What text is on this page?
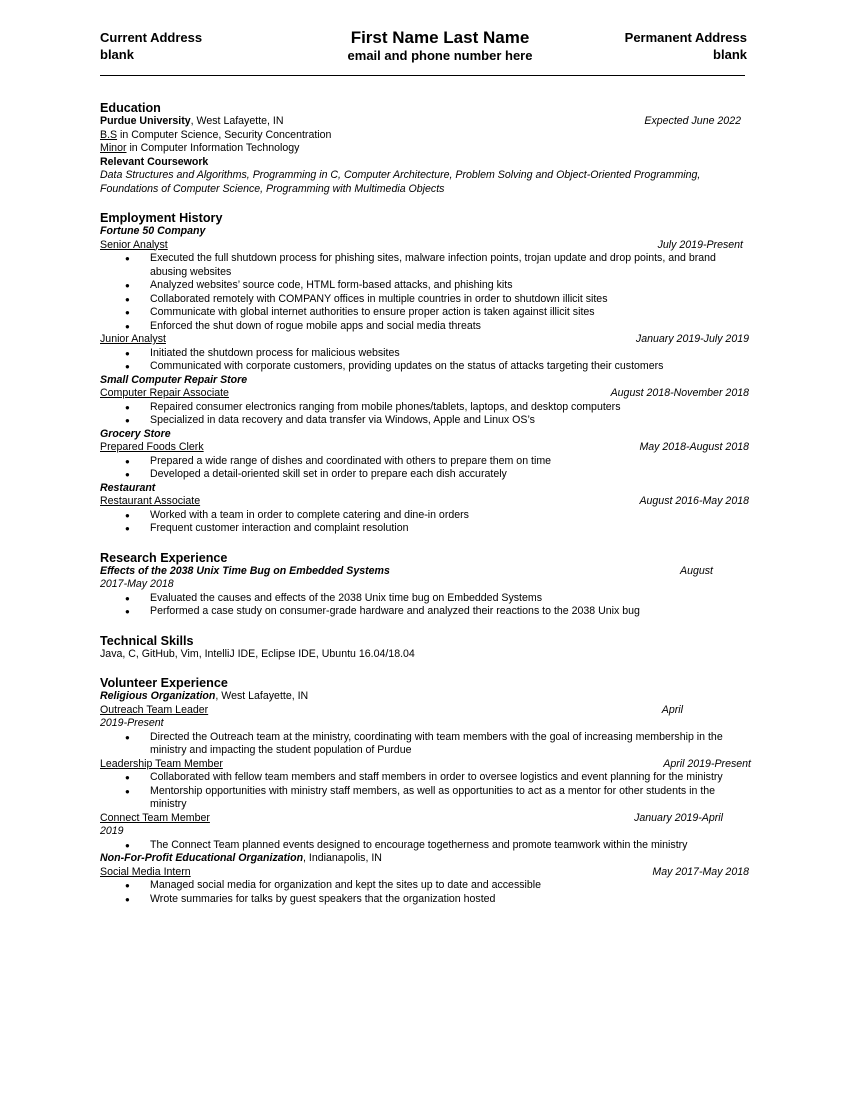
Current Address
blank
First Name Last Name
email and phone number here
Permanent Address
blank
Education
Purdue University, West Lafayette, IN	Expected June 2022
B.S in Computer Science, Security Concentration
Minor in Computer Information Technology
Relevant Coursework
Data Structures and Algorithms, Programming in C, Computer Architecture, Problem Solving and Object-Oriented Programming,
Foundations of Computer Science, Programming with Multimedia Objects
Employment History
Fortune 50 Company
Senior Analyst	July 2019-Present
● Executed the full shutdown process for phishing sites, malware infection points, trojan update and drop points, and brand abusing websites
● Analyzed websites’ source code, HTML form-based attacks, and phishing kits
● Collaborated remotely with COMPANY offices in multiple countries in order to shutdown illicit sites
● Communicate with global internet authorities to ensure proper action is taken against illicit sites
● Enforced the shut down of rogue mobile apps and social media threats
Junior Analyst	January 2019-July 2019
● Initiated the shutdown process for malicious websites
● Communicated with corporate customers, providing updates on the status of attacks targeting their customers
Small Computer Repair Store
Computer Repair Associate	August 2018-November 2018
● Repaired consumer electronics ranging from mobile phones/tablets, laptops, and desktop computers
● Specialized in data recovery and data transfer via Windows, Apple and Linux OS’s
Grocery Store
Prepared Foods Clerk	May 2018-August 2018
● Prepared a wide range of dishes and coordinated with others to prepare them on time
● Developed a detail-oriented skill set in order to prepare each dish accurately
Restaurant
Restaurant Associate	August 2016-May 2018
● Worked with a team in order to complete catering and dine-in orders
● Frequent customer interaction and complaint resolution
Research Experience
Effects of the 2038 Unix Time Bug on Embedded Systems	August
2017-May 2018
● Evaluated the causes and effects of the 2038 Unix time bug on Embedded Systems
● Performed a case study on consumer-grade hardware and analyzed their reactions to the 2038 Unix bug
Technical Skills
Java, C, GitHub, Vim, IntelliJ IDE, Eclipse IDE, Ubuntu 16.04/18.04
Volunteer Experience
Religious Organization, West Lafayette, IN
Outreach Team Leader	April
2019-Present
● Directed the Outreach team at the ministry, coordinating with team members with the goal of increasing membership in the ministry and impacting the student population of Purdue
Leadership Team Member	April 2019-Present
● Collaborated with fellow team members and staff members in order to oversee logistics and event planning for the ministry
● Mentorship opportunities with ministry staff members, as well as opportunities to act as a mentor for other students in the ministry
Connect Team Member	January 2019-April
2019
● The Connect Team planned events designed to encourage togetherness and promote teamwork within the ministry
Non-For-Profit Educational Organization, Indianapolis, IN
Social Media Intern	May 2017-May 2018
● Managed social media for organization and kept the sites up to date and accessible
● Wrote summaries for talks by guest speakers that the organization hosted
